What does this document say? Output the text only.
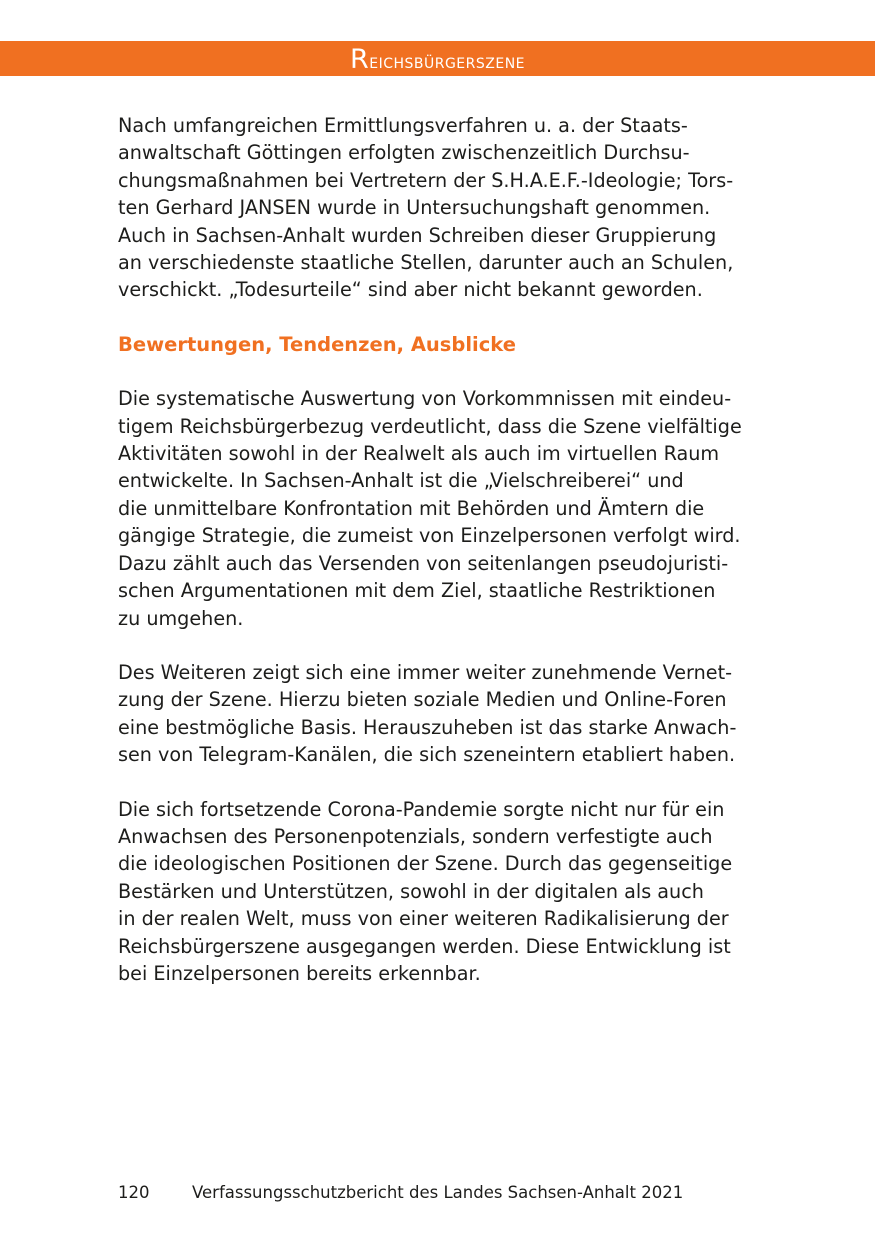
Reichsbürgerszene

Nach umfangreichen Ermittlungsverfahren u. a. der Staats-
anwaltschaft Göttingen erfolgten zwischenzeitlich Durchsu-
chungsmaßnahmen bei Vertretern der S.H.A.E.F.-Ideologie; Tors-
ten Gerhard JANSEN wurde in Untersuchungshaft genommen.
Auch in Sachsen-Anhalt wurden Schreiben dieser Gruppierung
an verschiedenste staatliche Stellen, darunter auch an Schulen,
verschickt. „Todesurteile“ sind aber nicht bekannt geworden.

Bewertungen, Tendenzen, Ausblicke

Die systematische Auswertung von Vorkommnissen mit eindeu-
tigem Reichsbürgerbezug verdeutlicht, dass die Szene vielfältige
Aktivitäten sowohl in der Realwelt als auch im virtuellen Raum
entwickelte. In Sachsen-Anhalt ist die „Vielschreiberei“ und
die unmittelbare Konfrontation mit Behörden und Ämtern die
gängige Strategie, die zumeist von Einzelpersonen verfolgt wird.
Dazu zählt auch das Versenden von seitenlangen pseudojuristi-
schen Argumentationen mit dem Ziel, staatliche Restriktionen
zu umgehen.

Des Weiteren zeigt sich eine immer weiter zunehmende Vernet-
zung der Szene. Hierzu bieten soziale Medien und Online-Foren
eine bestmögliche Basis. Herauszuheben ist das starke Anwach-
sen von Telegram-Kanälen, die sich szeneintern etabliert haben.

Die sich fortsetzende Corona-Pandemie sorgte nicht nur für ein
Anwachsen des Personenpotenzials, sondern verfestigte auch
die ideologischen Positionen der Szene. Durch das gegenseitige
Bestärken und Unterstützen, sowohl in der digitalen als auch
in der realen Welt, muss von einer weiteren Radikalisierung der
Reichsbürgerszene ausgegangen werden. Diese Entwicklung ist
bei Einzelpersonen bereits erkennbar.

120	Verfassungsschutzbericht des Landes Sachsen-Anhalt 2021
